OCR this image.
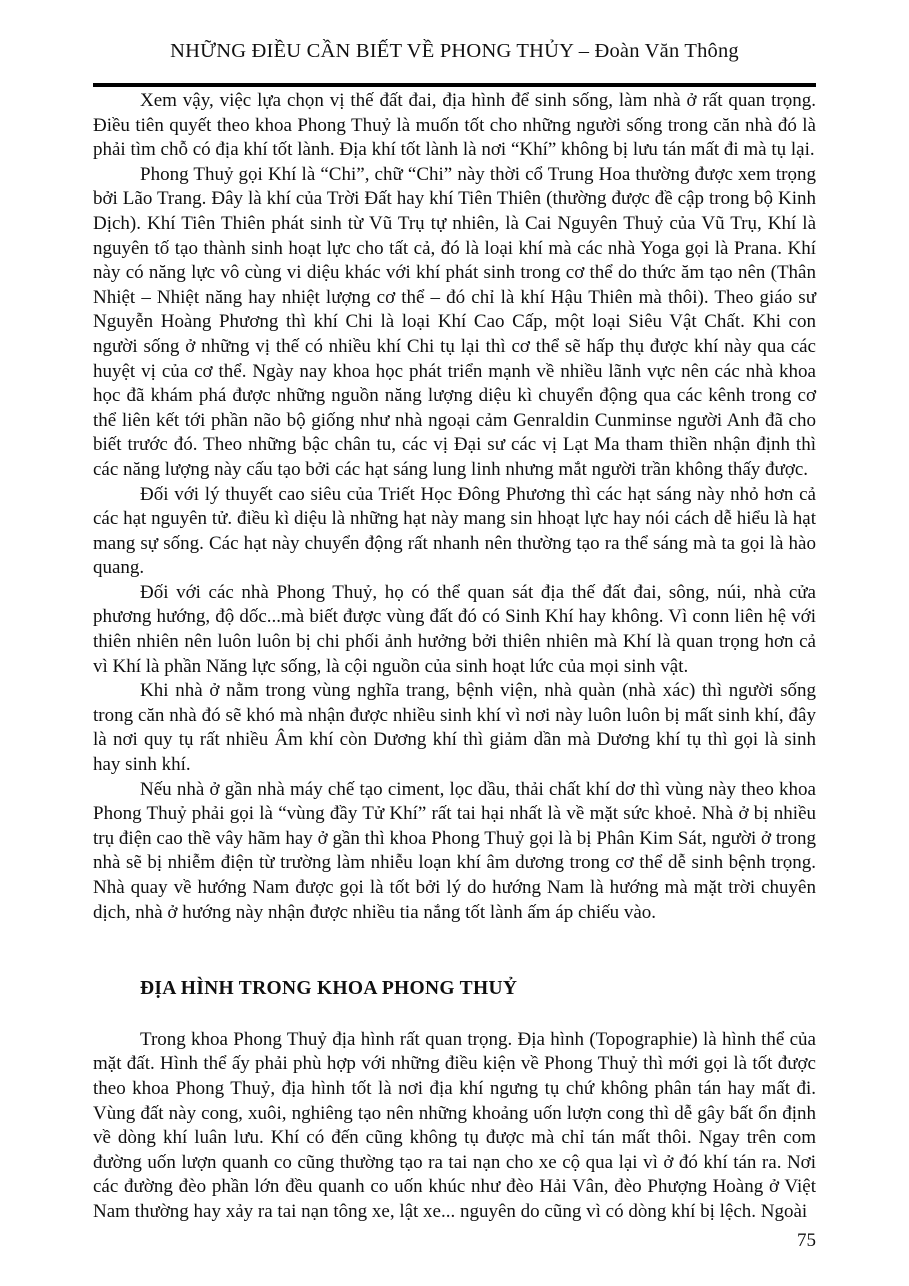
NHỮNG ĐIỀU CẦN BIẾT VỀ PHONG THỦY – Đoàn Văn Thông

Xem vậy, việc lựa chọn vị thế đất đai, địa hình để sinh sống, làm nhà ở rất quan trọng. Điều tiên quyết theo khoa Phong Thuỷ là muốn tốt cho những người sống trong căn nhà đó là phải tìm chỗ có địa khí tốt lành. Địa khí tốt lành là nơi “Khí” không bị lưu tán mất đi mà tụ lại.

Phong Thuỷ gọi Khí là “Chi”, chữ “Chi” này thời cổ Trung Hoa thường được xem trọng bởi Lão Trang. Đây là khí của Trời Đất hay khí Tiên Thiên (thường được đề cập trong bộ Kinh Dịch). Khí Tiên Thiên phát sinh từ Vũ Trụ tự nhiên, là Cai Nguyên Thuỷ của Vũ Trụ, Khí là nguyên tố tạo thành sinh hoạt lực cho tất cả, đó là loại khí mà các nhà Yoga gọi là Prana. Khí này có năng lực vô cùng vi diệu khác với khí phát sinh trong cơ thể do thức ăm tạo nên (Thân Nhiệt – Nhiệt năng hay nhiệt lượng cơ thể – đó chỉ là khí Hậu Thiên mà thôi). Theo giáo sư Nguyễn Hoàng Phương thì khí Chi là loại Khí Cao Cấp, một loại Siêu Vật Chất. Khi con người sống ở những vị thế có nhiều khí Chi tụ lại thì cơ thể sẽ hấp thụ được khí này qua các huyệt vị của cơ thể. Ngày nay khoa học phát triển mạnh về nhiều lãnh vực nên các nhà khoa học đã khám phá được những nguồn năng lượng diệu kì chuyển động qua các kênh trong cơ thể liên kết tới phần não bộ giống như nhà ngoại cảm Genraldin Cunminse người Anh đã cho biết trước đó. Theo những bậc chân tu, các vị Đại sư các vị Lạt Ma tham thiền nhận định thì các năng lượng này cấu tạo bởi các hạt sáng lung linh nhưng mắt người trần không thấy được.

Đối với lý thuyết cao siêu của Triết Học Đông Phương thì các hạt sáng này nhỏ hơn cả các hạt nguyên tử. điều kì diệu là những hạt này mang sin hhoạt lực hay nói cách dễ hiểu là hạt mang sự sống. Các hạt này chuyển động rất nhanh nên thường tạo ra thể sáng mà ta gọi là hào quang.

Đối với các nhà Phong Thuỷ, họ có thể quan sát địa thế đất đai, sông, núi, nhà cửa phương hướng, độ dốc...mà biết được vùng đất đó có Sinh Khí hay không. Vì conn liên hệ với thiên nhiên nên luôn luôn bị chi phối ảnh hưởng bởi thiên nhiên mà Khí là quan trọng hơn cả vì Khí là phần Năng lực sống, là cội nguồn của sinh hoạt lức của mọi sinh vật.

Khi nhà ở nằm trong vùng nghĩa trang, bệnh viện, nhà quàn (nhà xác) thì người sống trong căn nhà đó sẽ khó mà nhận được nhiều sinh khí vì nơi này luôn luôn bị mất sinh khí, đây là nơi quy tụ rất nhiều Âm khí còn Dương khí thì giảm dần mà Dương khí tụ thì gọi là sinh hay sinh khí.

Nếu nhà ở gần nhà máy chế tạo ciment, lọc dầu, thải chất khí dơ thì vùng này theo khoa Phong Thuỷ phải gọi là “vùng đầy Tử Khí” rất tai hại nhất là về mặt sức khoẻ. Nhà ở bị nhiều trụ điện cao thề vây hãm hay ở gần thì khoa Phong Thuỷ gọi là bị Phân Kim Sát, người ở trong nhà sẽ bị nhiễm điện từ trường làm nhiễu loạn khí âm dương trong cơ thể dễ sinh bệnh trọng. Nhà quay về hướng Nam được gọi là tốt bởi lý do hướng Nam là hướng mà mặt trời chuyên dịch, nhà ở hướng này nhận được nhiều tia nắng tốt lành ấm áp chiếu vào.

ĐỊA HÌNH TRONG KHOA PHONG THUỶ

Trong khoa Phong Thuỷ địa hình rất quan trọng. Địa hình (Topographie) là hình thể của mặt đất. Hình thể ấy phải phù hợp với những điều kiện về Phong Thuỷ thì mới gọi là tốt được theo khoa Phong Thuỷ, địa hình tốt là nơi địa khí ngưng tụ chứ không phân tán hay mất đi. Vùng đất này cong, xuôi, nghiêng tạo nên những khoảng uốn lượn cong thì dễ gây bất ổn định về dòng khí luân lưu. Khí có đến cũng không tụ được mà chỉ tán mất thôi. Ngay trên com đường uốn lượn quanh co cũng thường tạo ra tai nạn cho xe cộ qua lại vì ở đó khí tán ra. Nơi các đường đèo phần lớn đều quanh co uốn khúc như đèo Hải Vân, đèo Phượng Hoàng ở Việt Nam thường hay xảy ra tai nạn tông xe, lật xe... nguyên do cũng vì có dòng khí bị lệch. Ngoài

75
